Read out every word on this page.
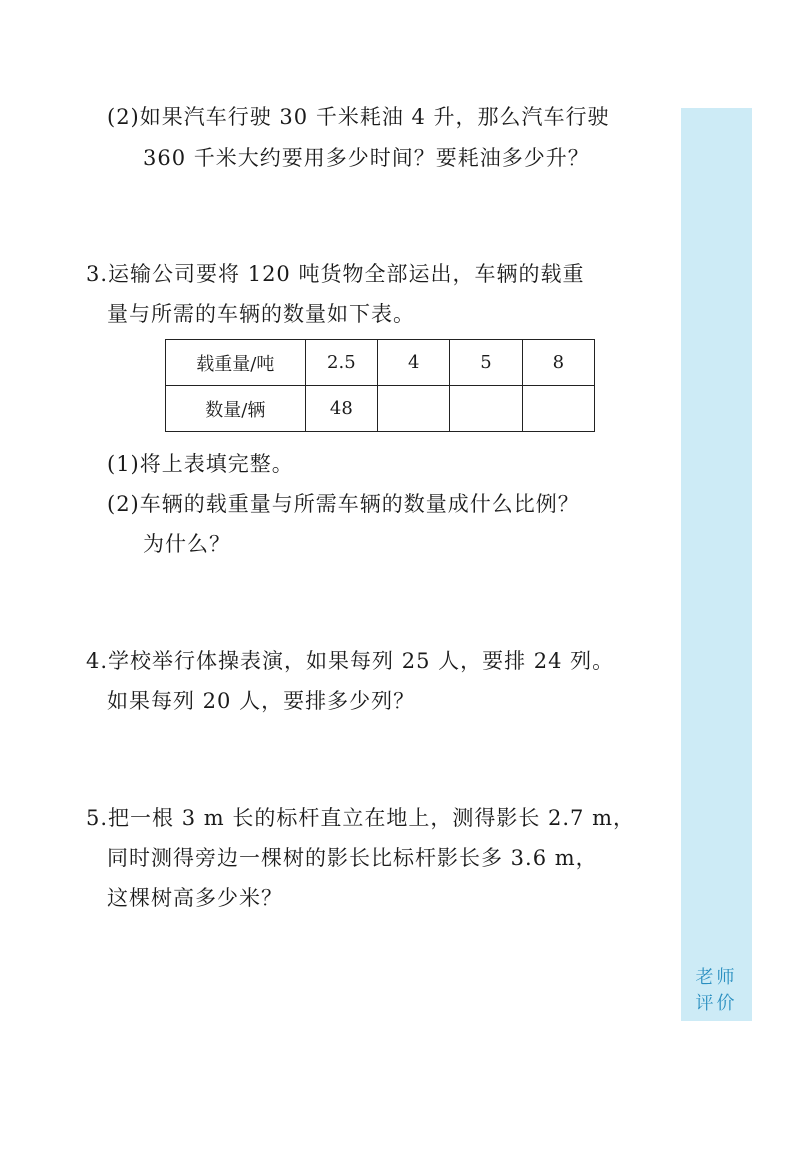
(2)如果汽车行驶 30 千米耗油 4 升，那么汽车行驶
360 千米大约要用多少时间？要耗油多少升？
3.运输公司要将 120 吨货物全部运出，车辆的载重
量与所需的车辆的数量如下表。
载重量/吨	2.5	4	5	8
数量/辆	48			
(1)将上表填完整。
(2)车辆的载重量与所需车辆的数量成什么比例？
为什么？
4.学校举行体操表演，如果每列 25 人，要排 24 列。
如果每列 20 人，要排多少列？
5.把一根 3 m 长的标杆直立在地上，测得影长 2.7 m，
同时测得旁边一棵树的影长比标杆影长多 3.6 m，
这棵树高多少米？
老师
评价
